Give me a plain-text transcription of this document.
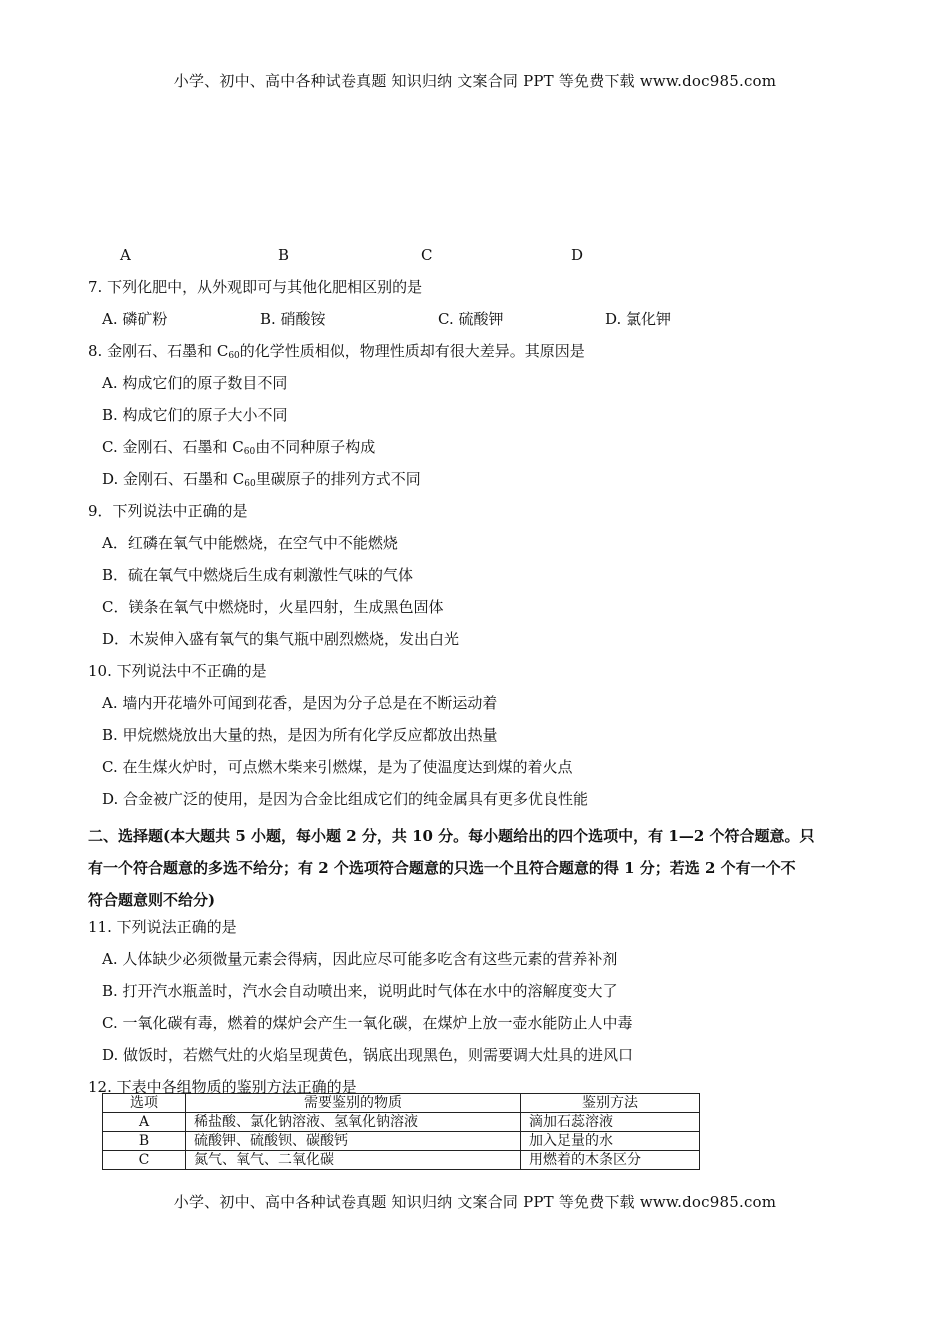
小学、初中、高中各种试卷真题 知识归纳 文案合同 PPT 等免费下载 www.doc985.com
A	B	C	D
7. 下列化肥中，从外观即可与其他化肥相区别的是
A. 磷矿粉	B. 硝酸铵	C. 硫酸钾	D. 氯化钾
8. 金刚石、石墨和 $C_{60}$的化学性质相似，物理性质却有很大差异。其原因是
A. 构成它们的原子数目不同
B. 构成它们的原子大小不同
C. 金刚石、石墨和 $C_{60}$由不同种原子构成
D. 金刚石、石墨和 $C_{60}$里碳原子的排列方式不同
9．下列说法中正确的是
A．红磷在氧气中能燃烧，在空气中不能燃烧
B．硫在氧气中燃烧后生成有刺激性气味的气体
C．镁条在氧气中燃烧时，火星四射，生成黑色固体
D．木炭伸入盛有氧气的集气瓶中剧烈燃烧，发出白光
10. 下列说法中不正确的是
A. 墙内开花墙外可闻到花香，是因为分子总是在不断运动着
B. 甲烷燃烧放出大量的热，是因为所有化学反应都放出热量
C. 在生煤火炉时，可点燃木柴来引燃煤，是为了使温度达到煤的着火点
D. 合金被广泛的使用，是因为合金比组成它们的纯金属具有更多优良性能
二、选择题(本大题共 5 小题，每小题 2 分，共 10 分。每小题给出的四个选项中，有 1—2 个符合题意。只
有一个符合题意的多选不给分；有 2 个选项符合题意的只选一个且符合题意的得 1 分；若选 2 个有一个不
符合题意则不给分)
11. 下列说法正确的是
A. 人体缺少必须微量元素会得病，因此应尽可能多吃含有这些元素的营养补剂
B. 打开汽水瓶盖时，汽水会自动喷出来，说明此时气体在水中的溶解度变大了
C. 一氧化碳有毒，燃着的煤炉会产生一氧化碳，在煤炉上放一壶水能防止人中毒
D. 做饭时，若燃气灶的火焰呈现黄色，锅底出现黑色，则需要调大灶具的进风口
12. 下表中各组物质的鉴别方法正确的是
选项	需要鉴别的物质	鉴别方法
A	稀盐酸、氯化钠溶液、氢氧化钠溶液	滴加石蕊溶液
B	硫酸钾、硫酸钡、碳酸钙	加入足量的水
C	氮气、氧气、二氧化碳	用燃着的木条区分
小学、初中、高中各种试卷真题 知识归纳 文案合同 PPT 等免费下载 www.doc985.com
